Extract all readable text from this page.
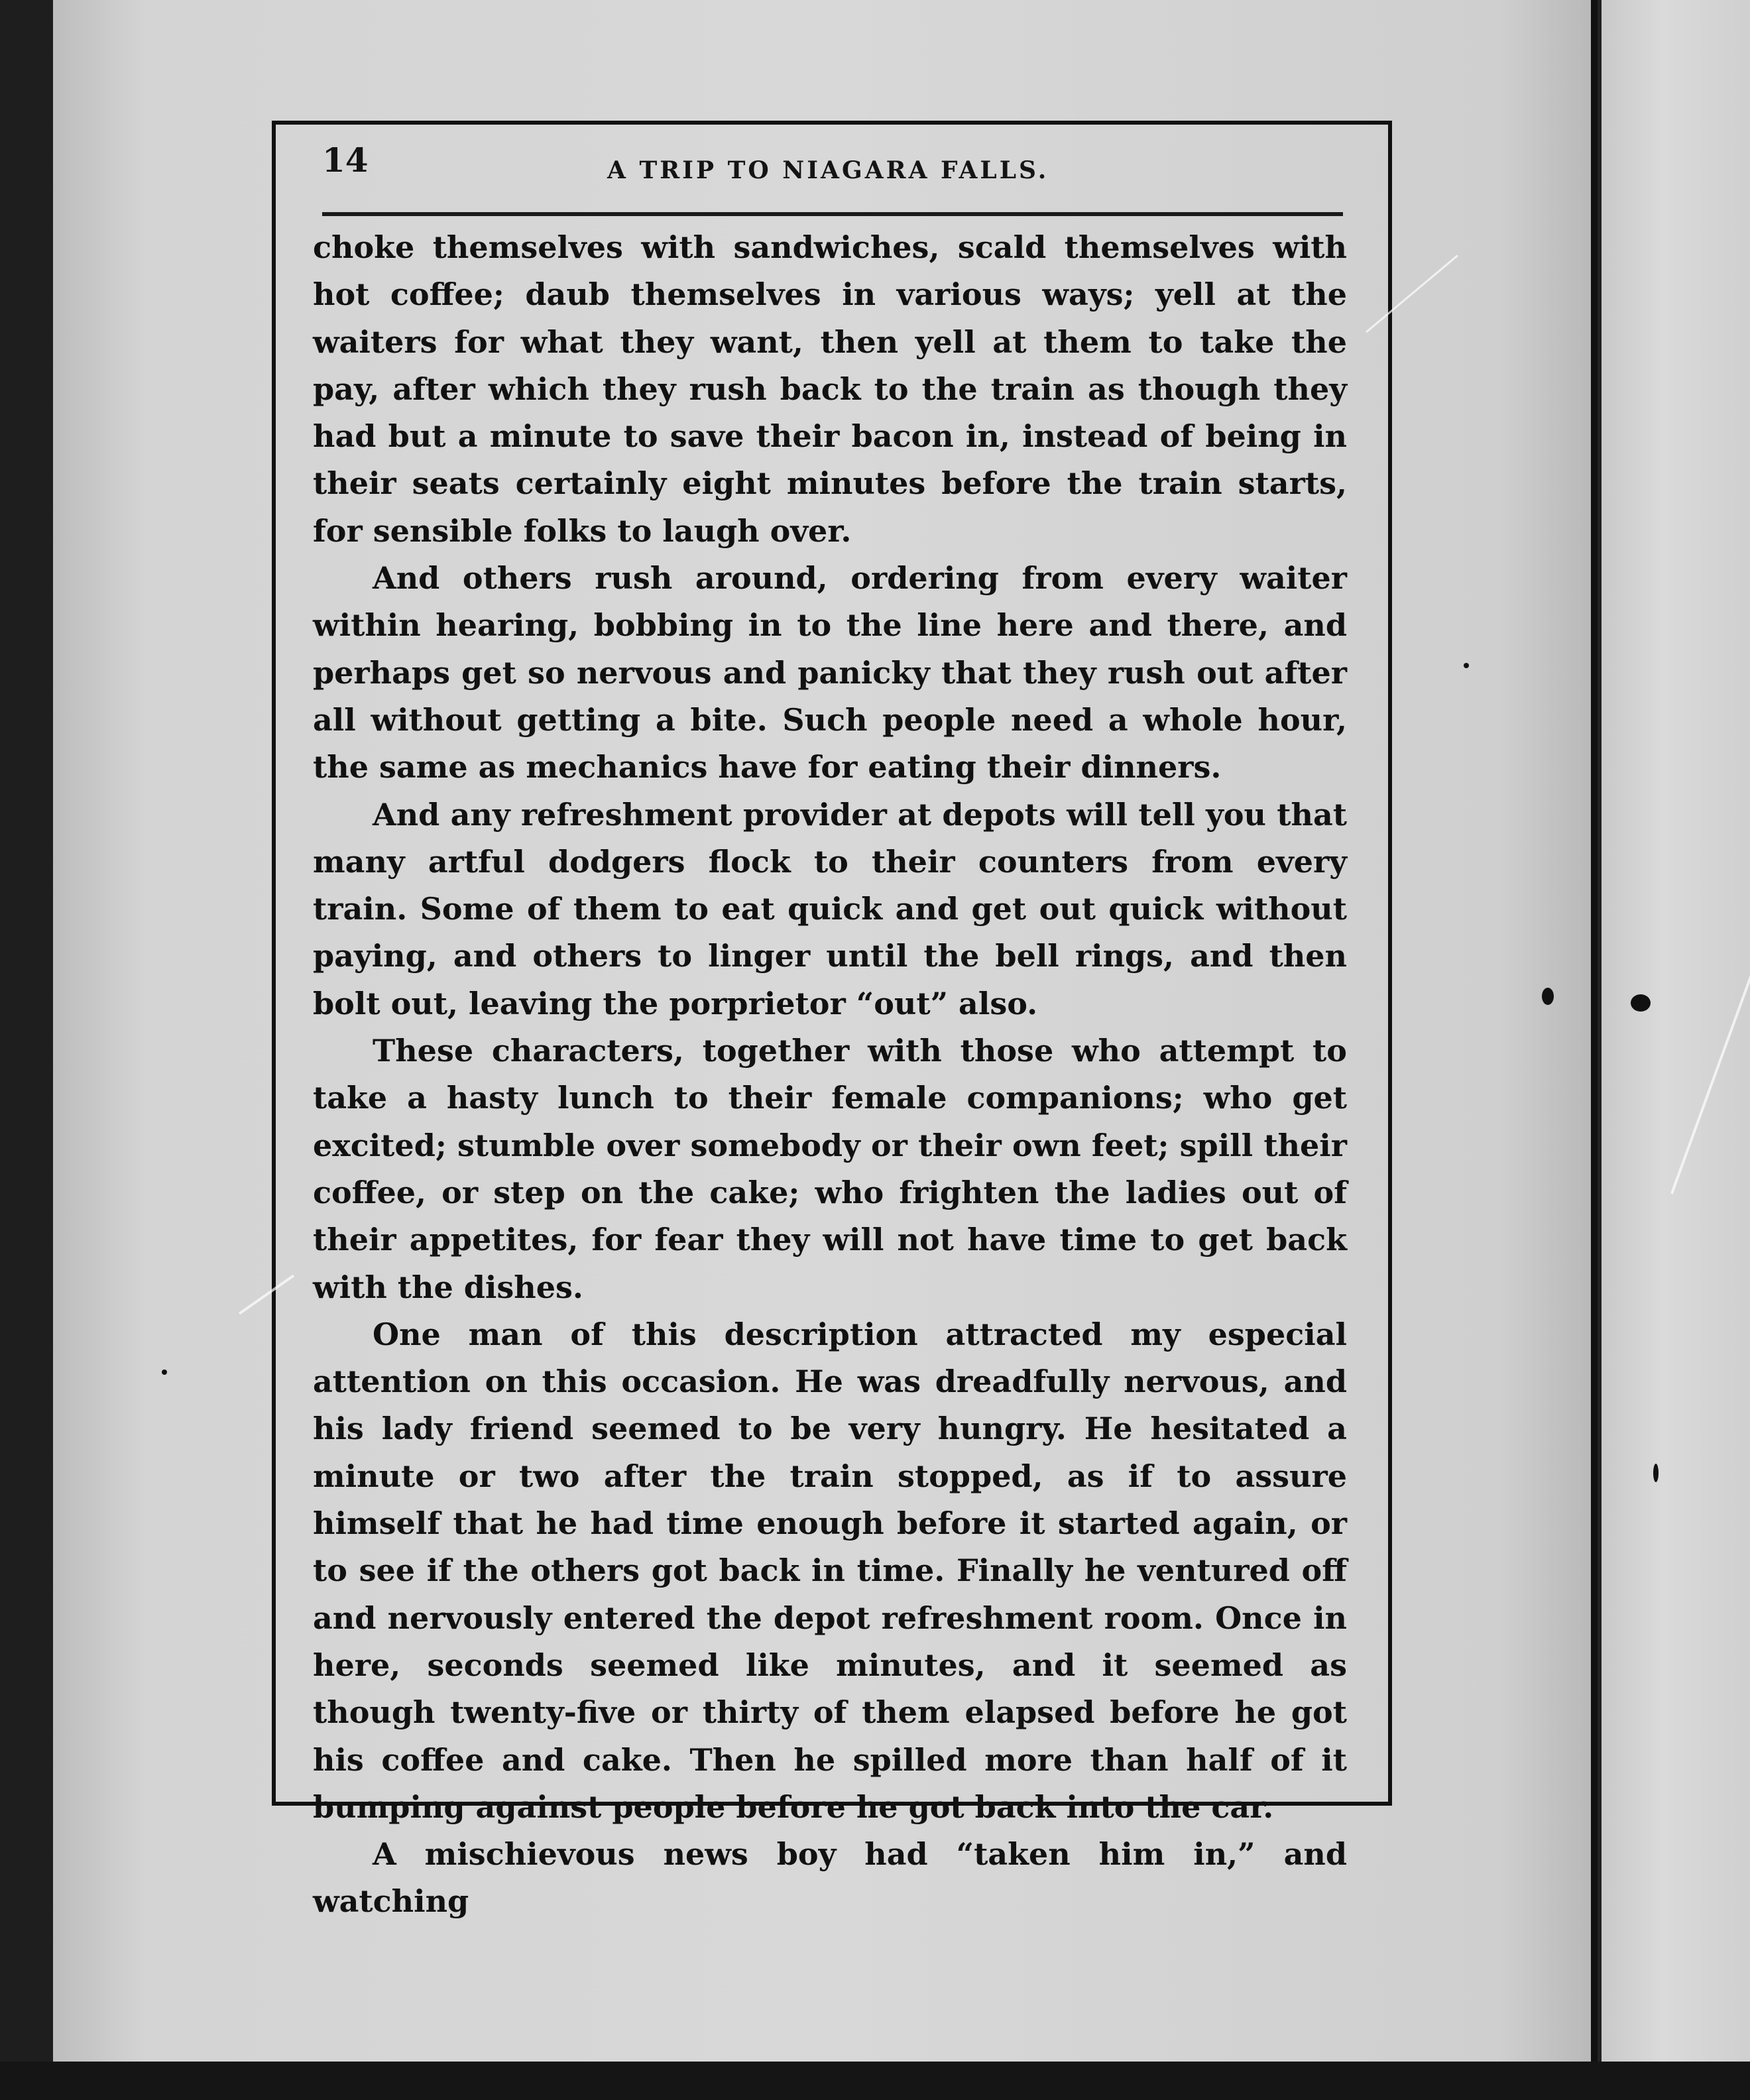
14	A TRIP TO NIAGARA FALLS.

choke themselves with sandwiches, scald themselves with hot coffee; daub themselves in various ways; yell at the waiters for what they want, then yell at them to take the pay, after which they rush back to the train as though they had but a minute to save their bacon in, instead of being in their seats certainly eight minutes before the train starts, for sensible folks to laugh over.

And others rush around, ordering from every waiter within hearing, bobbing in to the line here and there, and perhaps get so nervous and panicky that they rush out after all without getting a bite. Such people need a whole hour, the same as mechanics have for eating their dinners.

And any refreshment provider at depots will tell you that many artful dodgers flock to their counters from every train. Some of them to eat quick and get out quick without paying, and others to linger until the bell rings, and then bolt out, leaving the porprietor “out” also.

These characters, together with those who attempt to take a hasty lunch to their female companions; who get excited; stumble over somebody or their own feet; spill their coffee, or step on the cake; who frighten the ladies out of their appetites, for fear they will not have time to get back with the dishes.

One man of this description attracted my especial attention on this occasion. He was dreadfully nervous, and his lady friend seemed to be very hungry. He hesitated a minute or two after the train stopped, as if to assure himself that he had time enough before it started again, or to see if the others got back in time. Finally he ventured off and nervously entered the depot refreshment room. Once in here, seconds seemed like minutes, and it seemed as though twenty-five or thirty of them elapsed before he got his coffee and cake. Then he spilled more than half of it bumping against people before he got back into the car.

A mischievous news boy had “taken him in,” and watching
